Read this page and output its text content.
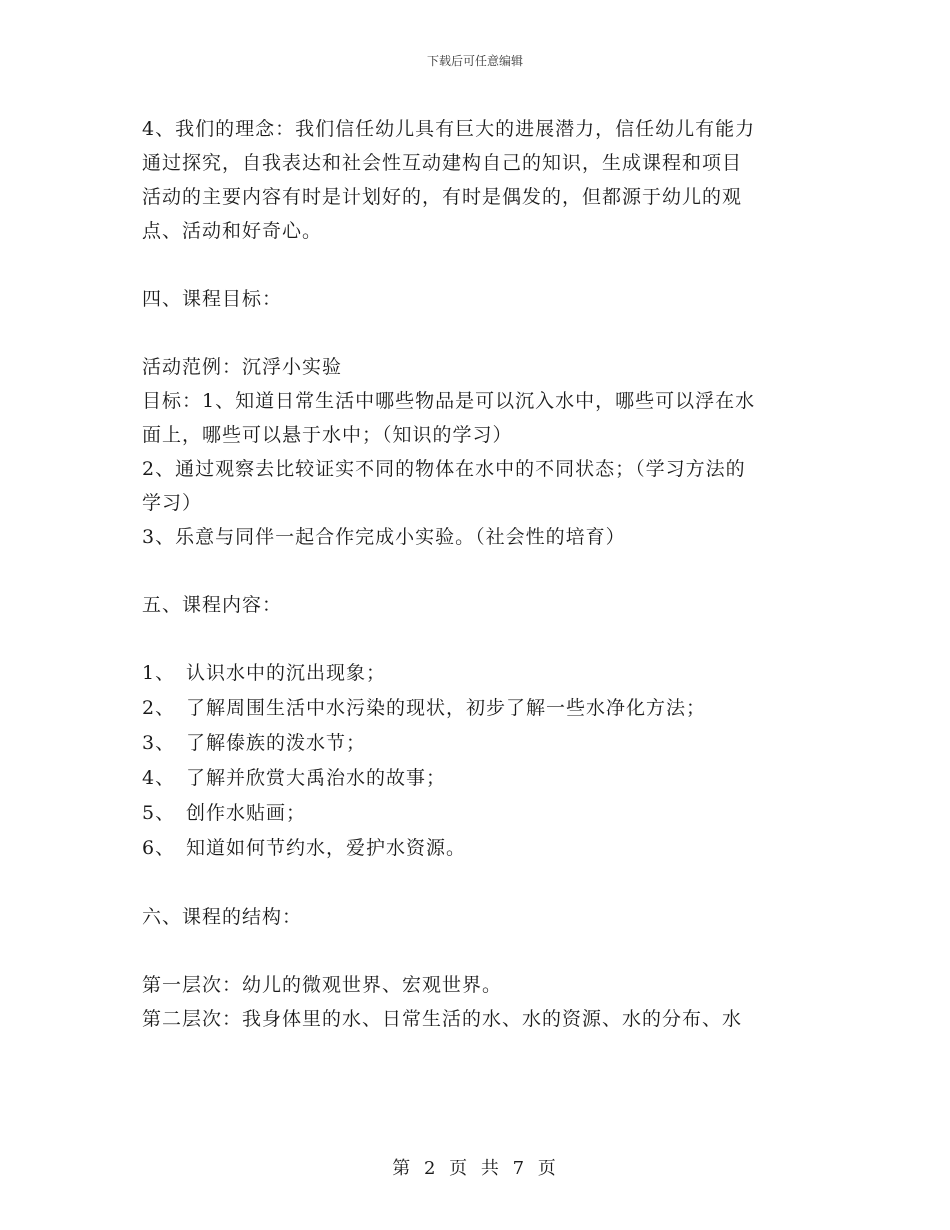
下载后可任意编辑
4、我们的理念：我们信任幼儿具有巨大的进展潜力，信任幼儿有能力
通过探究，自我表达和社会性互动建构自己的知识，生成课程和项目
活动的主要内容有时是计划好的，有时是偶发的，但都源于幼儿的观
点、活动和好奇心。
四、课程目标：
活动范例：沉浮小实验
目标：1、知道日常生活中哪些物品是可以沉入水中，哪些可以浮在水
面上，哪些可以悬于水中；（知识的学习）
2、通过观察去比较证实不同的物体在水中的不同状态；（学习方法的
学习）
3、乐意与同伴一起合作完成小实验。（社会性的培育）
五、课程内容：
1、 认识水中的沉出现象；
2、 了解周围生活中水污染的现状，初步了解一些水净化方法；
3、 了解傣族的泼水节；
4、 了解并欣赏大禹治水的故事；
5、 创作水贴画；
6、 知道如何节约水，爱护水资源。
六、课程的结构：
第一层次：幼儿的微观世界、宏观世界。
第二层次：我身体里的水、日常生活的水、水的资源、水的分布、水
第 2 页 共 7 页
